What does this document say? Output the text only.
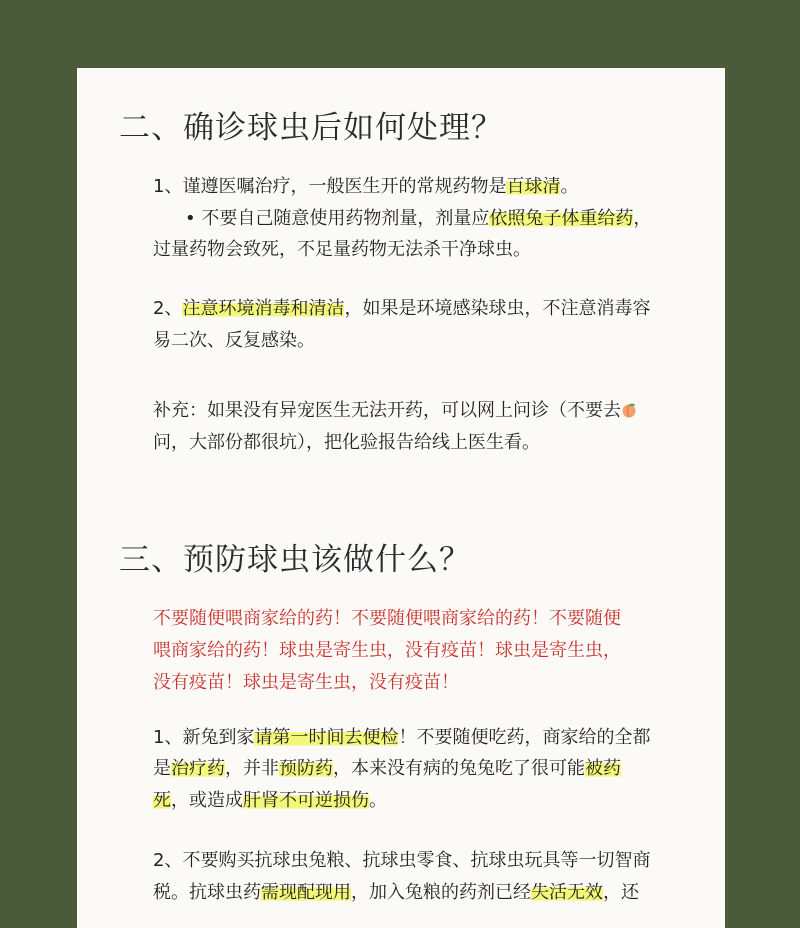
二、确诊球虫后如何处理？
1、谨遵医嘱治疗，一般医生开的常规药物是百球清。
• 不要自己随意使用药物剂量，剂量应依照兔子体重给药，
过量药物会致死，不足量药物无法杀干净球虫。
2、注意环境消毒和清洁，如果是环境感染球虫，不注意消毒容
易二次、反复感染。
补充：如果没有异宠医生无法开药，可以网上问诊（不要去
问，大部份都很坑），把化验报告给线上医生看。
三、预防球虫该做什么？
不要随便喂商家给的药！不要随便喂商家给的药！不要随便
喂商家给的药！球虫是寄生虫，没有疫苗！球虫是寄生虫，
没有疫苗！球虫是寄生虫，没有疫苗！
1、新兔到家请第一时间去便检！不要随便吃药，商家给的全都
是治疗药，并非预防药，本来没有病的兔兔吃了很可能被药
死，或造成肝肾不可逆损伤。
2、不要购买抗球虫兔粮、抗球虫零食、抗球虫玩具等一切智商
税。抗球虫药需现配现用，加入兔粮的药剂已经失活无效，还
